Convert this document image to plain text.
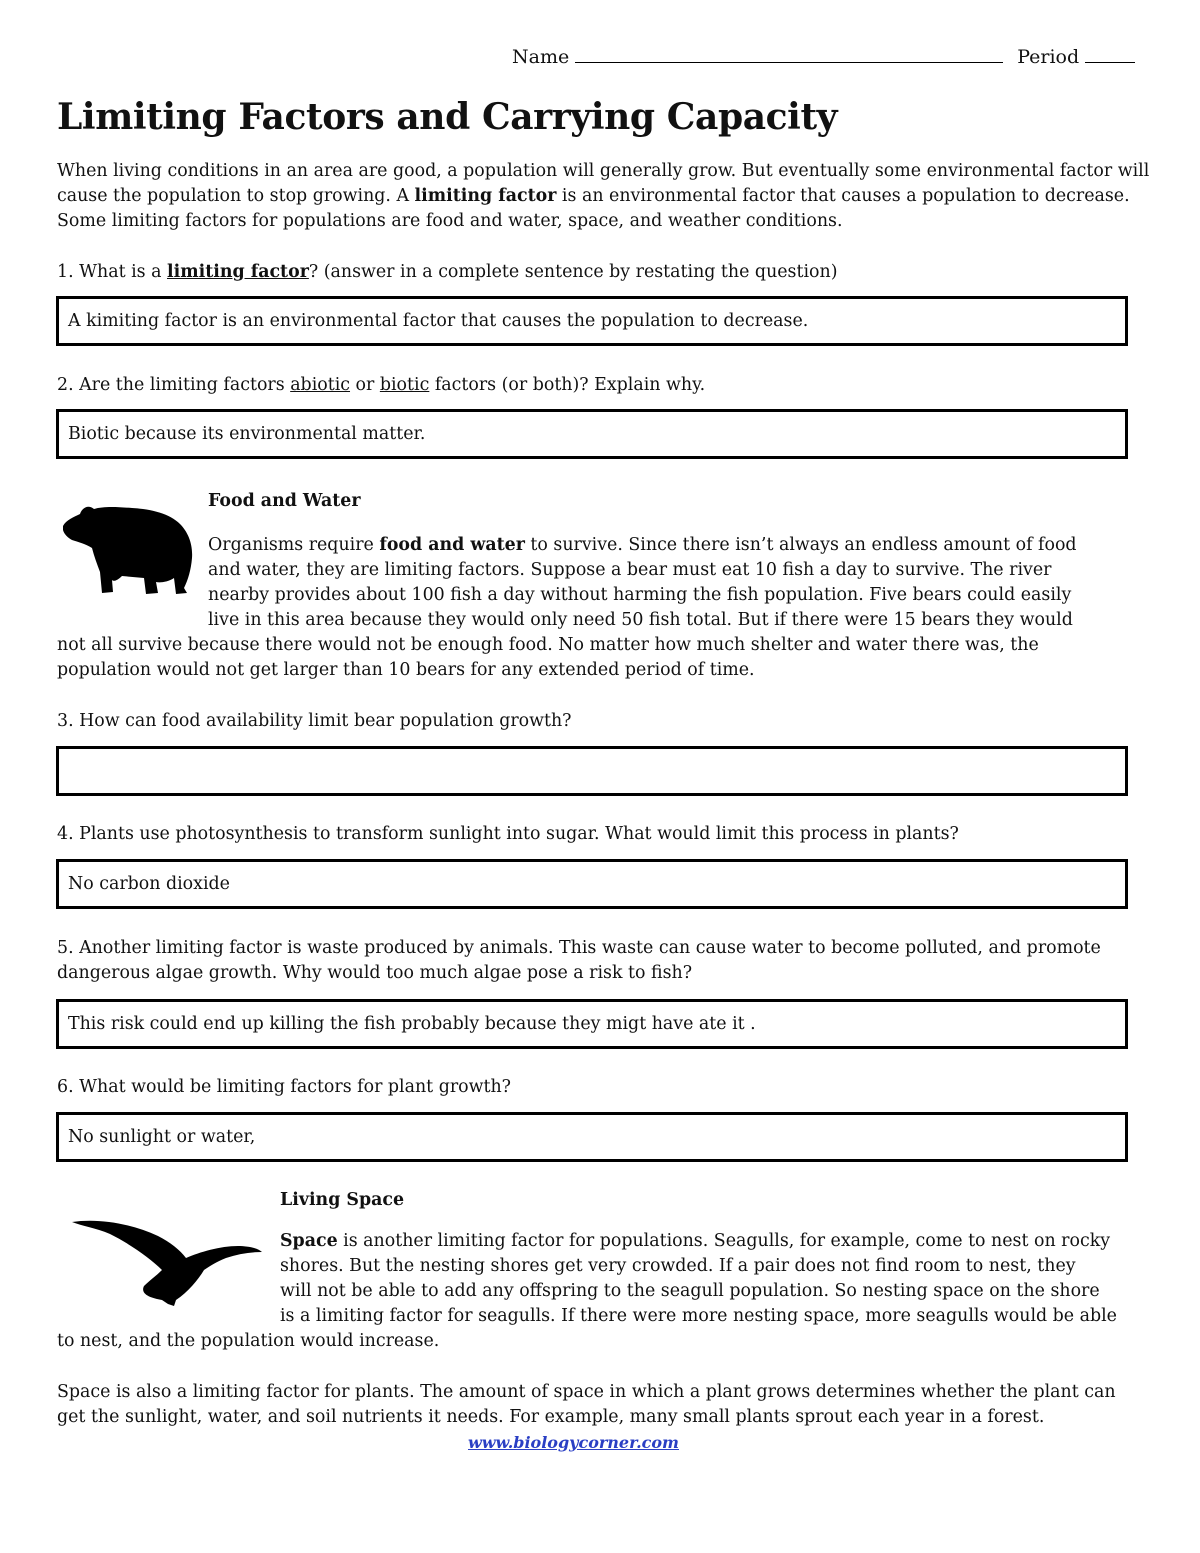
Name	Period
Limiting Factors and Carrying Capacity
When living conditions in an area are good, a population will generally grow. But eventually some environmental factor will cause the population to stop growing. A limiting factor is an environmental factor that causes a population to decrease. Some limiting factors for populations are food and water, space, and weather conditions.
1. What is a limiting factor? (answer in a complete sentence by restating the question)
A kimiting factor is an environmental factor that causes the population to decrease.
2. Are the limiting factors abiotic or biotic factors (or both)? Explain why.
Biotic because its environmental matter.
Food and Water
Organisms require food and water to survive. Since there isn’t always an endless amount of food
and water, they are limiting factors. Suppose a bear must eat 10 fish a day to survive. The river
nearby provides about 100 fish a day without harming the fish population. Five bears could easily
live in this area because they would only need 50 fish total. But if there were 15 bears they would
not all survive because there would not be enough food. No matter how much shelter and water there was, the
population would not get larger than 10 bears for any extended period of time.
3. How can food availability limit bear population growth?
4. Plants use photosynthesis to transform sunlight into sugar. What would limit this process in plants?
No carbon dioxide
5. Another limiting factor is waste produced by animals. This waste can cause water to become polluted, and promote dangerous algae growth. Why would too much algae pose a risk to fish?
This risk could end up killing the fish probably because they migt have ate it .
6. What would be limiting factors for plant growth?
No sunlight or water,
Living Space
Space is another limiting factor for populations. Seagulls, for example, come to nest on rocky
shores. But the nesting shores get very crowded. If a pair does not find room to nest, they
will not be able to add any offspring to the seagull population. So nesting space on the shore
is a limiting factor for seagulls. If there were more nesting space, more seagulls would be able
to nest, and the population would increase.
Space is also a limiting factor for plants. The amount of space in which a plant grows determines whether the plant can get the sunlight, water, and soil nutrients it needs. For example, many small plants sprout each year in a forest.
www.biologycorner.com
